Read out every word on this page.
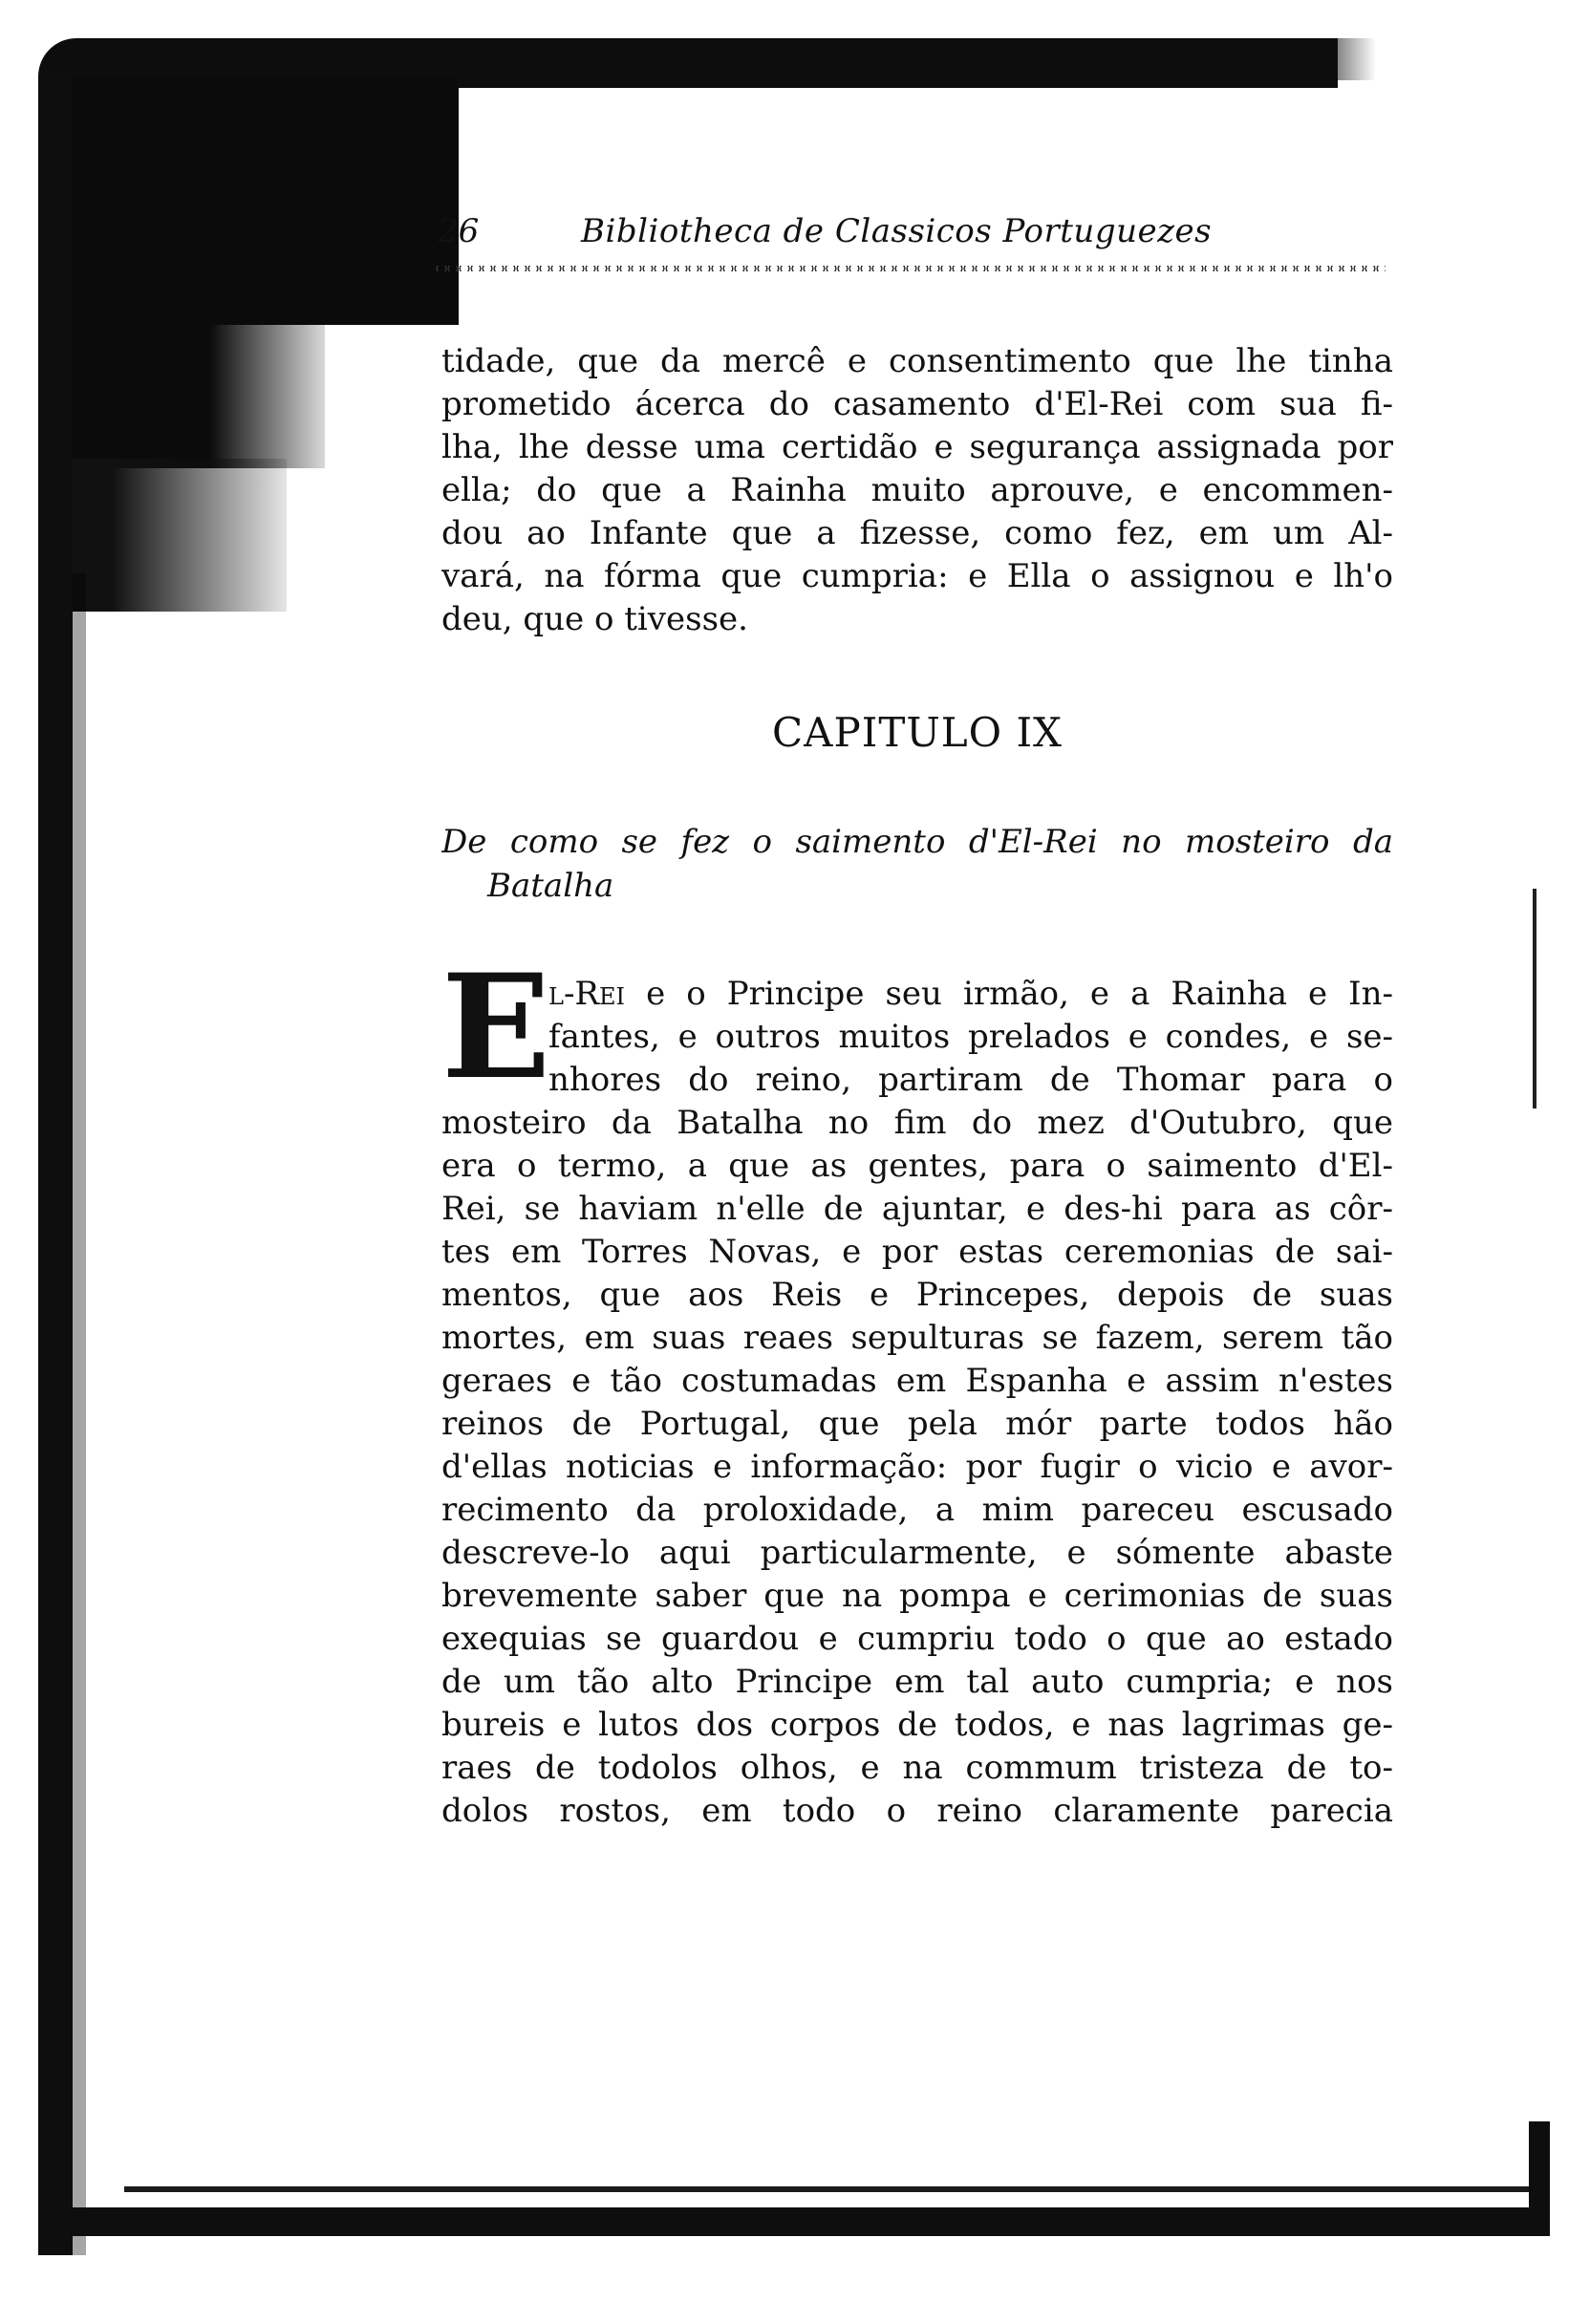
26	Bibliotheca de Classicos Portuguezes
tidade, que da mercê e consentimento que lhe tinha
prometido ácerca do casamento d'El-Rei com sua fi-
lha, lhe desse uma certidão e segurança assignada por
ella; do que a Rainha muito aprouve, e encommen-
dou ao Infante que a fizesse, como fez, em um Al-
vará, na fórma que cumpria: e Ella o assignou e lh'o
deu, que o tivesse.
CAPITULO IX
De como se fez o saimento d'El-Rei no mosteiro da
Batalha
E
l-Rei e o Principe seu irmão, e a Rainha e In-
fantes, e outros muitos prelados e condes, e se-
nhores do reino, partiram de Thomar para o
mosteiro da Batalha no fim do mez d'Outubro, que
era o termo, a que as gentes, para o saimento d'El-
Rei, se haviam n'elle de ajuntar, e des-hi para as côr-
tes em Torres Novas, e por estas ceremonias de sai-
mentos, que aos Reis e Princepes, depois de suas
mortes, em suas reaes sepulturas se fazem, serem tão
geraes e tão costumadas em Espanha e assim n'estes
reinos de Portugal, que pela mór parte todos hão
d'ellas noticias e informação: por fugir o vicio e avor-
recimento da proloxidade, a mim pareceu escusado
descreve-lo aqui particularmente, e sómente abaste
brevemente saber que na pompa e cerimonias de suas
exequias se guardou e cumpriu todo o que ao estado
de um tão alto Principe em tal auto cumpria; e nos
bureis e lutos dos corpos de todos, e nas lagrimas ge-
raes de todolos olhos, e na commum tristeza de to-
dolos rostos, em todo o reino claramente parecia
